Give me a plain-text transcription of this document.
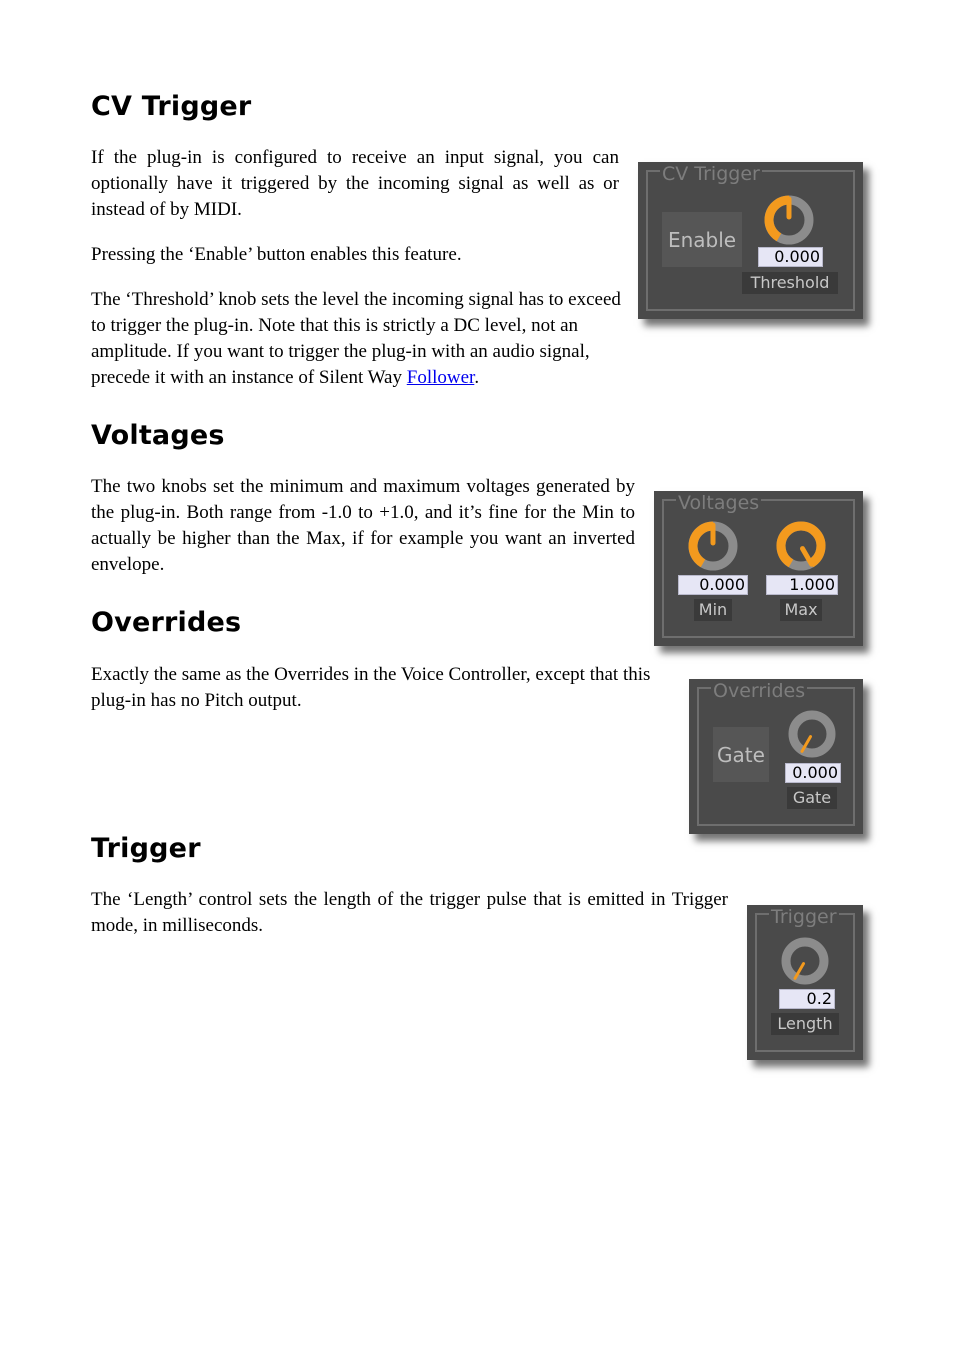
CV Trigger

If the plug-in is configured to receive an input signal, you can optionally have it triggered by the incoming signal as well as or instead of by MIDI.

Pressing the ‘Enable’ button enables this feature.

The ‘Threshold’ knob sets the level the incoming signal has to exceed to trigger the plug-in. Note that this is strictly a DC level, not an amplitude. If you want to trigger the plug-in with an audio signal, precede it with an instance of Silent Way Follower.

CV Trigger
Enable
0.000
Threshold
Voltages

The two knobs set the minimum and maximum voltages generated by the plug-in. Both range from -1.0 to +1.0, and it’s fine for the Min to actually be higher than the Max, if for example you want an inverted envelope.

Voltages
0.000
Min
1.000
Max
Overrides

Exactly the same as the Overrides in the Voice Controller, except that this plug-in has no Pitch output.	Overrides
Gate
0.000
Gate
Trigger

The ‘Length’ control sets the length of the trigger pulse that is emitted in Trigger mode, in milliseconds.	Trigger
0.2
Length
